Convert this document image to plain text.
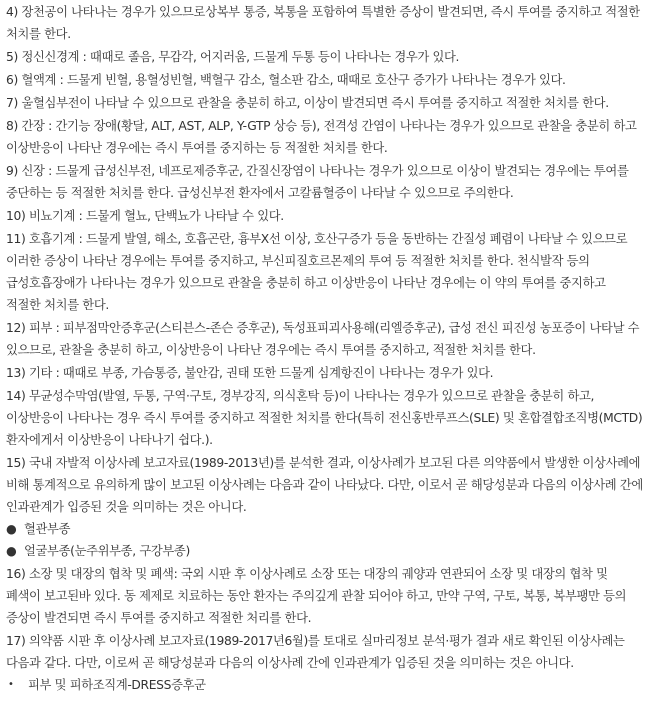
4) 장천공이 나타나는 경우가 있으므로상복부 통증, 복통을 포함하여 특별한 증상이 발견되면, 즉시 투여를 중지하고 적절한 처치를 한다.

5) 정신신경계 : 때때로 졸음, 무감각, 어지러움, 드물게 두통 등이 나타나는 경우가 있다.

6) 혈액계 : 드물게 빈혈, 용혈성빈혈, 백혈구 감소, 혈소판 감소, 때때로 호산구 증가가 나타나는 경우가 있다.

7) 울혈심부전이 나타날 수 있으므로 관찰을 충분히 하고, 이상이 발견되면 즉시 투여를 중지하고 적절한 처치를 한다.

8) 간장 : 간기능 장애(황달, ALT, AST, ALP, Y-GTP 상승 등), 전격성 간염이 나타나는 경우가 있으므로 관찰을 충분히 하고 이상반응이 나타난 경우에는 즉시 투여를 중지하는 등 적절한 처치를 한다.

9) 신장 : 드물게 급성신부전, 네프로제증후군, 간질신장염이 나타나는 경우가 있으므로 이상이 발견되는 경우에는 투여를 중단하는 등 적절한 처치를 한다. 급성신부전 환자에서 고칼륨혈증이 나타날 수 있으므로 주의한다.

10) 비뇨기계 : 드물게 혈뇨, 단백뇨가 나타날 수 있다.

11) 호흡기계 : 드물게 발열, 해소, 호흡곤란, 흉부X선 이상, 호산구증가 등을 동반하는 간질성 폐렴이 나타날 수 있으므로 이러한 증상이 나타난 경우에는 투여를 중지하고, 부신피질호르몬제의 투여 등 적절한 처치를 한다. 천식발작 등의 급성호흡장애가 나타나는 경우가 있으므로 관찰을 충분히 하고 이상반응이 나타난 경우에는 이 약의 투여를 중지하고 적절한 처치를 한다.

12) 피부 : 피부점막안증후군(스티븐스-존슨 증후군), 독성표피괴사용해(리엘증후군), 급성 전신 피진성 농포증이 나타날 수 있으므로, 관찰을 충분히 하고, 이상반응이 나타난 경우에는 즉시 투여를 중지하고, 적절한 처치를 한다.

13) 기타 : 때때로 부종, 가슴통증, 불안감, 권태 또한 드물게 심계항진이 나타나는 경우가 있다.

14) 무균성수막염(발열, 두통, 구역·구토, 경부강직, 의식혼탁 등)이 나타나는 경우가 있으므로 관찰을 충분히 하고, 이상반응이 나타나는 경우 즉시 투여를 중지하고 적절한 처치를 한다(특히 전신홍반루프스(SLE) 및 혼합결합조직병(MCTD) 환자에게서 이상반응이 나타나기 쉽다.).

15) 국내 자발적 이상사례 보고자료(1989-2013년)를 분석한 결과, 이상사례가 보고된 다른 의약품에서 발생한 이상사례에 비해 통계적으로 유의하게 많이 보고된 이상사례는 다음과 같이 나타났다. 다만, 이로서 곧 해당성분과 다음의 이상사례 간에 인과관계가 입증된 것을 의미하는 것은 아니다.

● 혈관부종
● 얼굴부종(눈주위부종, 구강부종)

16) 소장 및 대장의 협착 및 폐색: 국외 시판 후 이상사례로 소장 또는 대장의 궤양과 연관되어 소장 및 대장의 협착 및 폐색이 보고된바 있다. 동 제제로 치료하는 동안 환자는 주의깊게 관찰 되어야 하고, 만약 구역, 구토, 복통, 복부팽만 등의 증상이 발견되면 즉시 투여를 중지하고 적절한 처리를 한다.

17) 의약품 시판 후 이상사례 보고자료(1989-2017년6월)를 토대로 실마리정보 분석·평가 결과 새로 확인된 이상사례는 다음과 같다. 다만, 이로써 곧 해당성분과 다음의 이상사례 간에 인과관계가 입증된 것을 의미하는 것은 아니다.

•	피부 및 피하조직계-DRESS증후군
